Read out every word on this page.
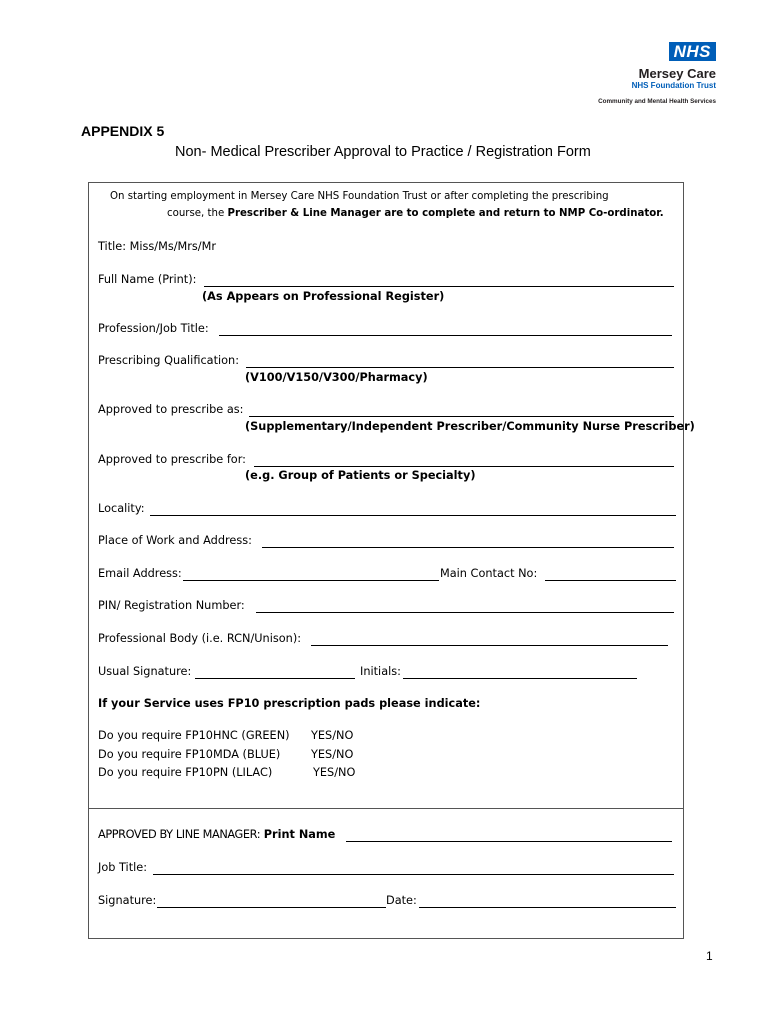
NHS
Mersey Care
NHS Foundation Trust
Community and Mental Health Services
APPENDIX 5
Non- Medical Prescriber Approval to Practice / Registration Form
On starting employment in Mersey Care NHS Foundation Trust or after completing the prescribing
course, the Prescriber & Line Manager are to complete and return to NMP Co-ordinator.
Title: Miss/Ms/Mrs/Mr
Full Name (Print):
(As Appears on Professional Register)
Profession/Job Title:
Prescribing Qualification:
(V100/V150/V300/Pharmacy)
Approved to prescribe as:
(Supplementary/Independent Prescriber/Community Nurse Prescriber)
Approved to prescribe for:
(e.g. Group of Patients or Specialty)
Locality:
Place of Work and Address:
Email Address:	Main Contact No:
PIN/ Registration Number:
Professional Body (i.e. RCN/Unison):
Usual Signature:	Initials:
If your Service uses FP10 prescription pads please indicate:
Do you require FP10HNC (GREEN) YES/NO
Do you require FP10MDA (BLUE)	YES/NO
Do you require FP10PN (LILAC)	YES/NO
APPROVED BY LINE MANAGER: Print Name
Job Title:
Signature:	Date:
1
